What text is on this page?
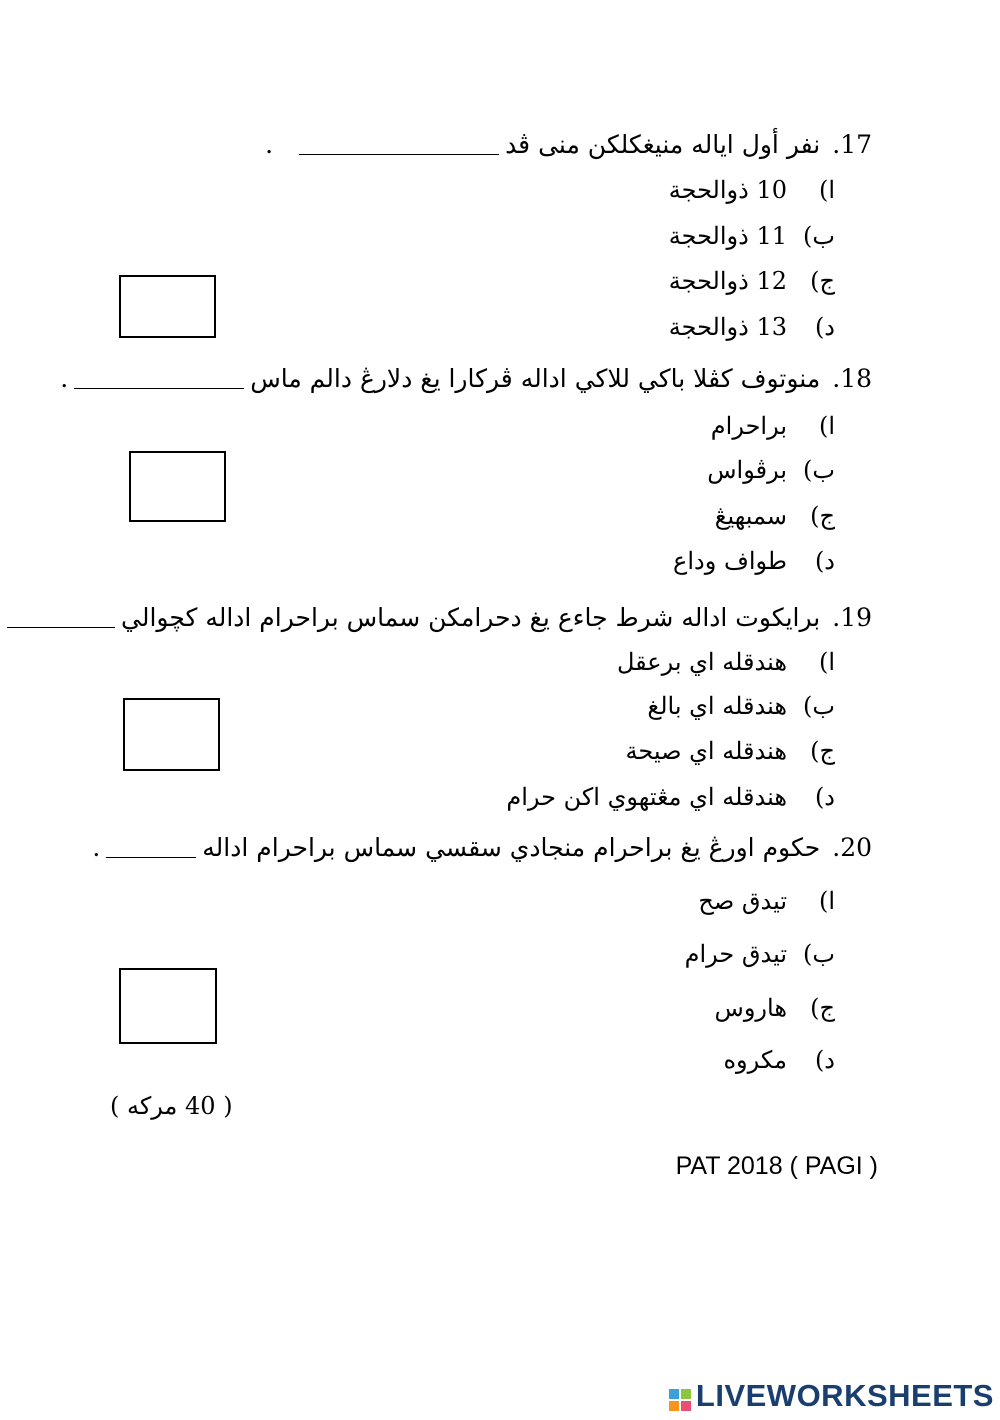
17.نفر أول اياله منيغكلكن منى ڤد.
ا)10 ذوالحجة
ب)11 ذوالحجة
ج)12 ذوالحجة
د)13 ذوالحجة
18.منوتوف كڤلا باكي للاكي اداله ڤركارا يغ دلارڠ دالم ماس.
ا)براحرام
ب)برڤواس
ج)سمبهيڠ
د)طواف وداع
19.برايكوت اداله شرط جاءع يغ دحرامكن سماس براحرام اداله كچوالي
ا)هندقله اي برعقل
ب)هندقله اي بالغ
ج)هندقله اي صيحة
د)هندقله اي مڠتهوي اكن حرام
20.حكوم اورڠ يغ براحرام منجادي سقسي سماس براحرام اداله.
ا)تيدق صح
ب)تيدق حرام
ج)هاروس
د)مكروه
( 40 مركه )
PAT 2018 ( PAGI )
LIVEWORKSHEETS
